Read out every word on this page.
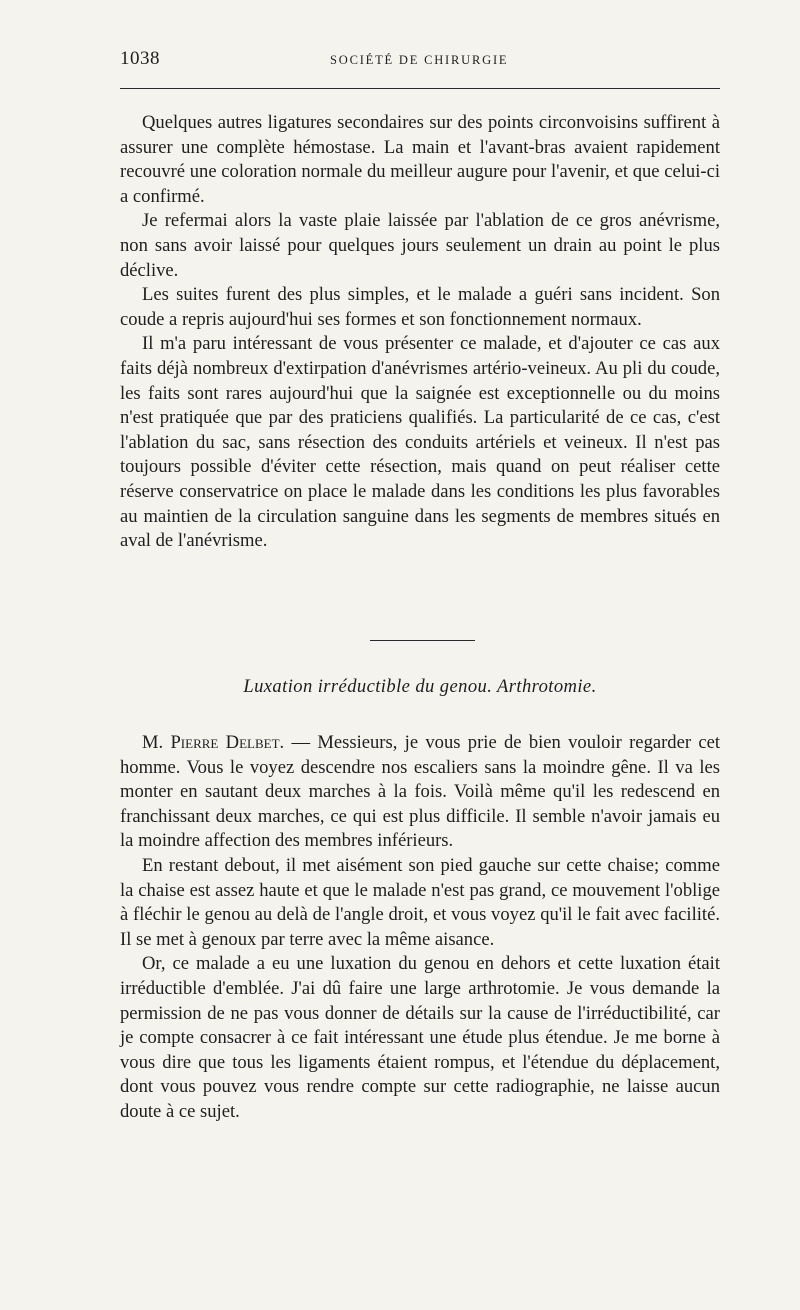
1038	SOCIÉTÉ DE CHIRURGIE

Quelques autres ligatures secondaires sur des points circonvoisins suffirent à assurer une complète hémostase. La main et l'avant-bras avaient rapidement recouvré une coloration normale du meilleur augure pour l'avenir, et que celui-ci a confirmé.

Je refermai alors la vaste plaie laissée par l'ablation de ce gros anévrisme, non sans avoir laissé pour quelques jours seulement un drain au point le plus déclive.

Les suites furent des plus simples, et le malade a guéri sans incident. Son coude a repris aujourd'hui ses formes et son fonctionnement normaux.

Il m'a paru intéressant de vous présenter ce malade, et d'ajouter ce cas aux faits déjà nombreux d'extirpation d'anévrismes artério-veineux. Au pli du coude, les faits sont rares aujourd'hui que la saignée est exceptionnelle ou du moins n'est pratiquée que par des praticiens qualifiés. La particularité de ce cas, c'est l'ablation du sac, sans résection des conduits artériels et veineux. Il n'est pas toujours possible d'éviter cette résection, mais quand on peut réaliser cette réserve conservatrice on place le malade dans les conditions les plus favorables au maintien de la circulation sanguine dans les segments de membres situés en aval de l'anévrisme.

Luxation irréductible du genou. Arthrotomie.

M. Pierre Delbet. — Messieurs, je vous prie de bien vouloir regarder cet homme. Vous le voyez descendre nos escaliers sans la moindre gêne. Il va les monter en sautant deux marches à la fois. Voilà même qu'il les redescend en franchissant deux marches, ce qui est plus difficile. Il semble n'avoir jamais eu la moindre affection des membres inférieurs.

En restant debout, il met aisément son pied gauche sur cette chaise; comme la chaise est assez haute et que le malade n'est pas grand, ce mouvement l'oblige à fléchir le genou au delà de l'angle droit, et vous voyez qu'il le fait avec facilité. Il se met à genoux par terre avec la même aisance.

Or, ce malade a eu une luxation du genou en dehors et cette luxation était irréductible d'emblée. J'ai dû faire une large arthrotomie. Je vous demande la permission de ne pas vous donner de détails sur la cause de l'irréductibilité, car je compte consacrer à ce fait intéressant une étude plus étendue. Je me borne à vous dire que tous les ligaments étaient rompus, et l'étendue du déplacement, dont vous pouvez vous rendre compte sur cette radiographie, ne laisse aucun doute à ce sujet.
